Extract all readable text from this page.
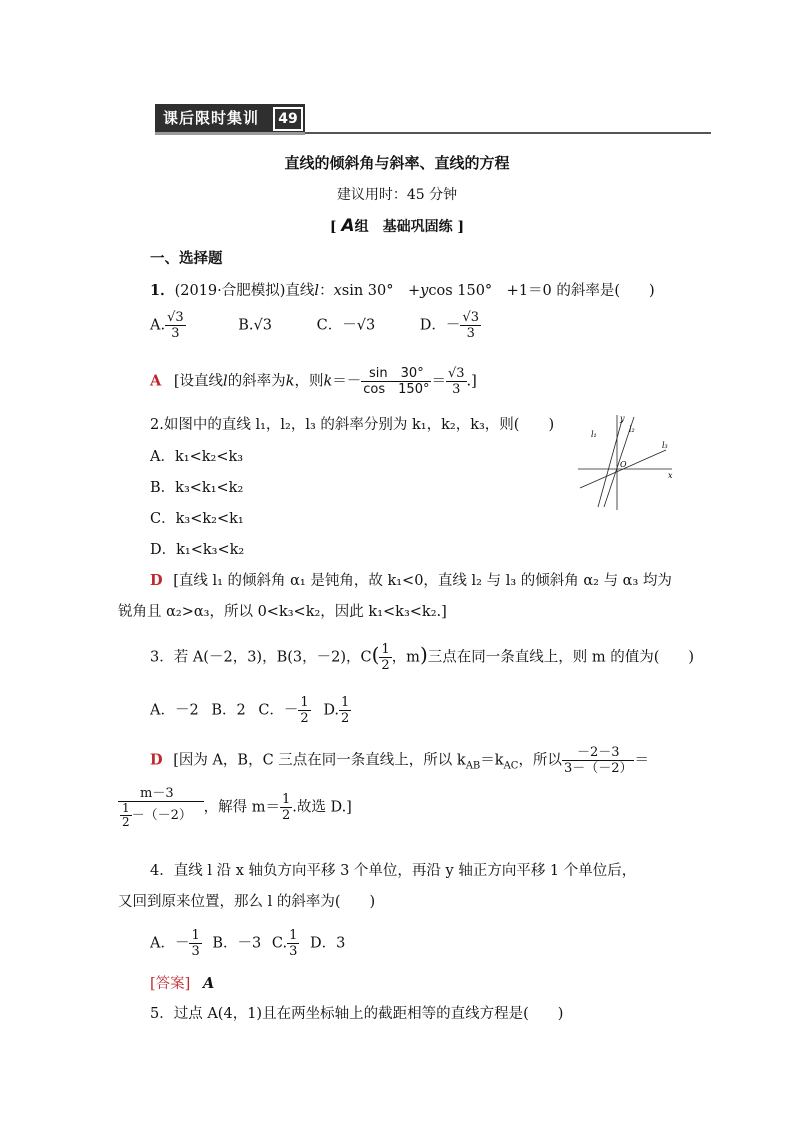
课后限时集训	49
直线的倾斜角与斜率、直线的方程
建议用时：45 分钟
[ A组　基础巩固练 ]
一、选择题
1．(2019·合肥模拟)直线l：xsin 30°　+ycos 150°　+1＝0 的斜率是(　　)
A. $\frac{√3}{3}$	B.√3	C．－√3	D．－ $\frac{√3}{3}$
A [设直线l的斜率为k，则$k=- \frac{\sin 30^\circ}{\cos 150^\circ} = \frac{√3}{3}$ .]
2.如图中的直线 l₁，l₂，l₃ 的斜率分别为 k₁，k₂，k₃，则(　　)
A．k₁<k₂<k₃
B．k₃<k₁<k₂
C．k₃<k₂<k₁
D．k₁<k₃<k₂
l₁
l₂
l₃
O
x
y
D [直线 l₁ 的倾斜角 α₁ 是钝角，故 k₁<0，直线 l₂ 与 l₃ 的倾斜角 α₂ 与 α₃ 均为
锐角且 α₂>α₃，所以 0<k₃<k₂，因此 k₁<k₃<k₂.]
3．若 A(－2，3)，B(3，－2)，$C( \frac{1}{2}$ ，m)三点在同一条直线上，则 m 的值为(　　)
A．－2 B．2 C．－ $\frac{1}{2} D$. $\frac{1}{2}$
D [因为 A，B，C 三点在同一条直线上，所以 $k_{AB}=k_{AC}$，所以 $\frac{-2-3}{3-(-2)}$ ＝
$\frac{m-3}{\frac{1}{2} -(-2)}$ ，解得 $m= \frac{1}{2}$ .故选 D.]
4．直线 l 沿 x 轴负方向平移 3 个单位，再沿 y 轴正方向平移 1 个单位后，
又回到原来位置，那么 l 的斜率为(　　)
A．－ $\frac{1}{3}$ B．－3 C. $\frac{1}{3}$ D．3
[答案] A
5．过点 A(4，1)且在两坐标轴上的截距相等的直线方程是(　　)
